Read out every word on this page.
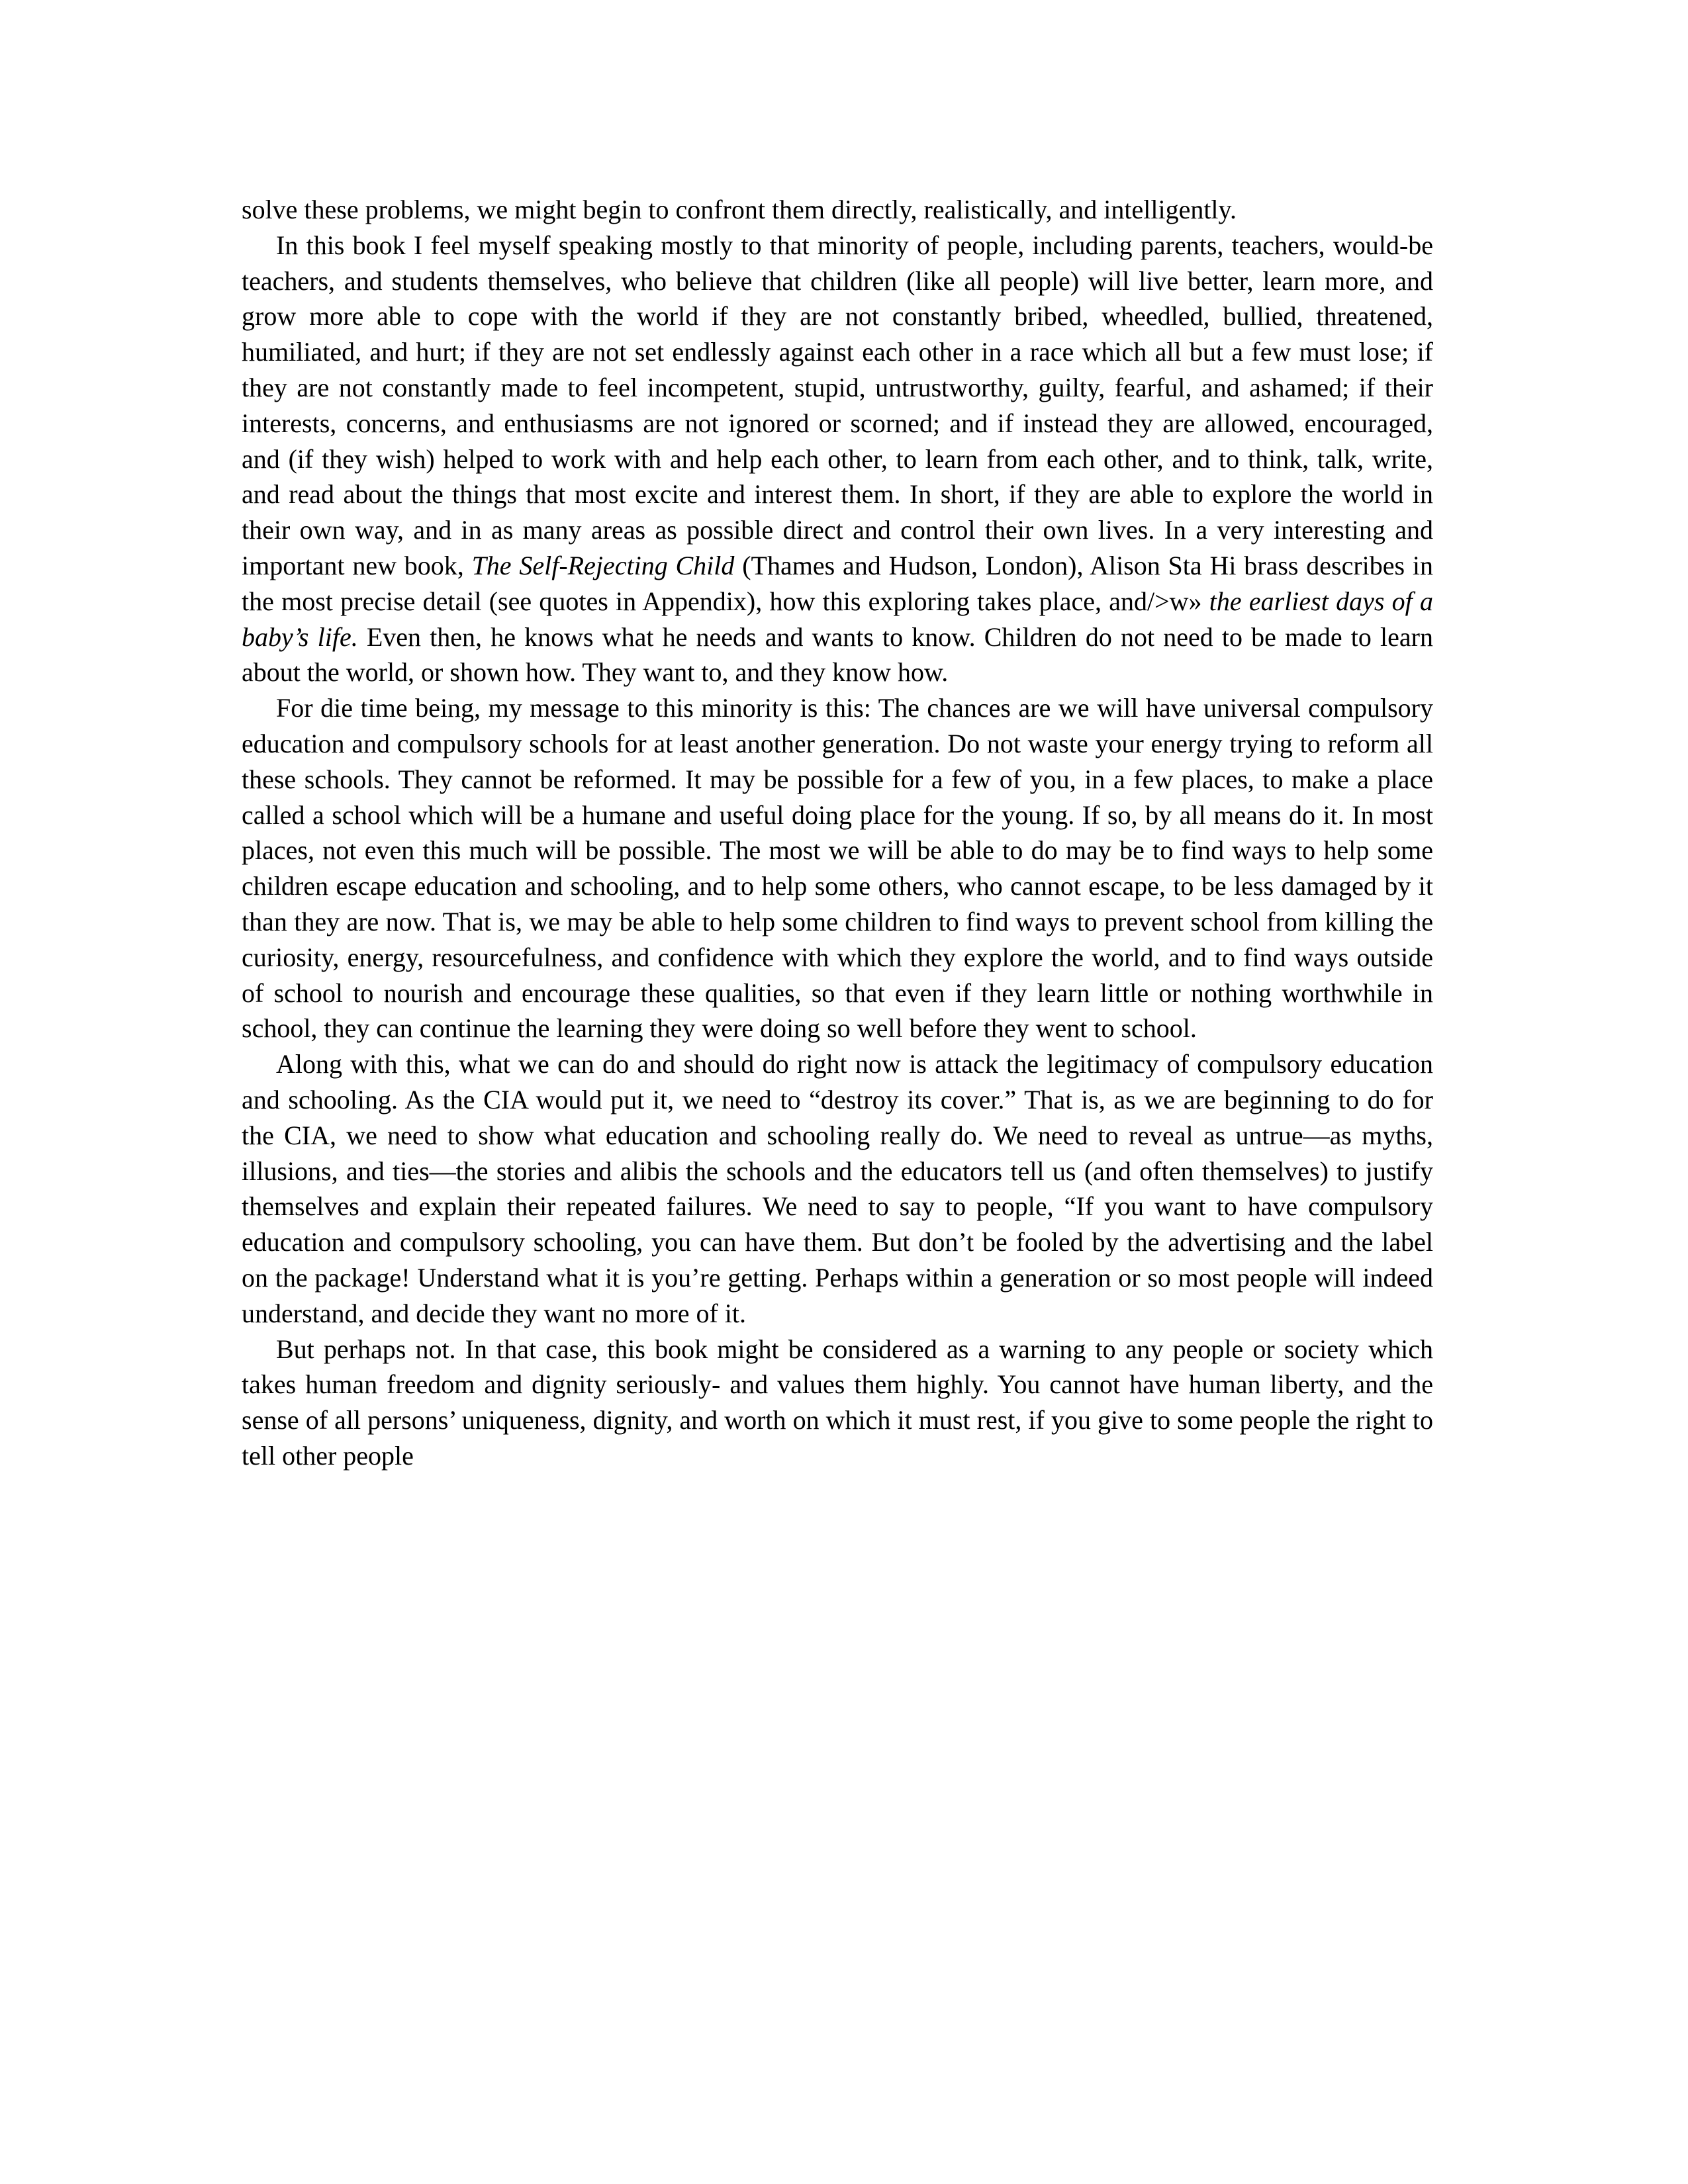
solve these problems, we might begin to confront them directly, realistically, and intelligently.

In this book I feel myself speaking mostly to that minority of people, including parents, teachers, would-be teachers, and students themselves, who believe that children (like all people) will live better, learn more, and grow more able to cope with the world if they are not constantly bribed, wheedled, bullied, threatened, humiliated, and hurt; if they are not set endlessly against each other in a race which all but a few must lose; if they are not constantly made to feel incompetent, stupid, untrustworthy, guilty, fearful, and ashamed; if their interests, concerns, and enthusiasms are not ignored or scorned; and if instead they are allowed, encouraged, and (if they wish) helped to work with and help each other, to learn from each other, and to think, talk, write, and read about the things that most excite and interest them. In short, if they are able to explore the world in their own way, and in as many areas as possible direct and control their own lives. In a very interesting and important new book, The Self-Rejecting Child (Thames and Hudson, London), Alison Sta Hi brass describes in the most precise detail (see quotes in Appendix), how this exploring takes place, and/>w» the earliest days of a baby’s life. Even then, he knows what he needs and wants to know. Children do not need to be made to learn about the world, or shown how. They want to, and they know how.

For die time being, my message to this minority is this: The chances are we will have universal compulsory education and compulsory schools for at least another generation. Do not waste your energy trying to reform all these schools. They cannot be reformed. It may be possible for a few of you, in a few places, to make a place called a school which will be a humane and useful doing place for the young. If so, by all means do it. In most places, not even this much will be possible. The most we will be able to do may be to find ways to help some children escape education and schooling, and to help some others, who cannot escape, to be less damaged by it than they are now. That is, we may be able to help some children to find ways to prevent school from killing the curiosity, energy, resourcefulness, and confidence with which they explore the world, and to find ways outside of school to nourish and encourage these qualities, so that even if they learn little or nothing worthwhile in school, they can continue the learning they were doing so well before they went to school.

Along with this, what we can do and should do right now is attack the legitimacy of compulsory education and schooling. As the CIA would put it, we need to “destroy its cover.” That is, as we are beginning to do for the CIA, we need to show what education and schooling really do. We need to reveal as untrue—as myths, illusions, and ties—the stories and alibis the schools and the educators tell us (and often themselves) to justify themselves and explain their repeated failures. We need to say to people, “If you want to have compulsory education and compulsory schooling, you can have them. But don’t be fooled by the advertising and the label on the package! Understand what it is you’re getting. Perhaps within a generation or so most people will indeed understand, and decide they want no more of it.

But perhaps not. In that case, this book might be considered as a warning to any people or society which takes human freedom and dignity seriously- and values them highly. You cannot have human liberty, and the sense of all persons’ uniqueness, dignity, and worth on which it must rest, if you give to some people the right to tell other people
